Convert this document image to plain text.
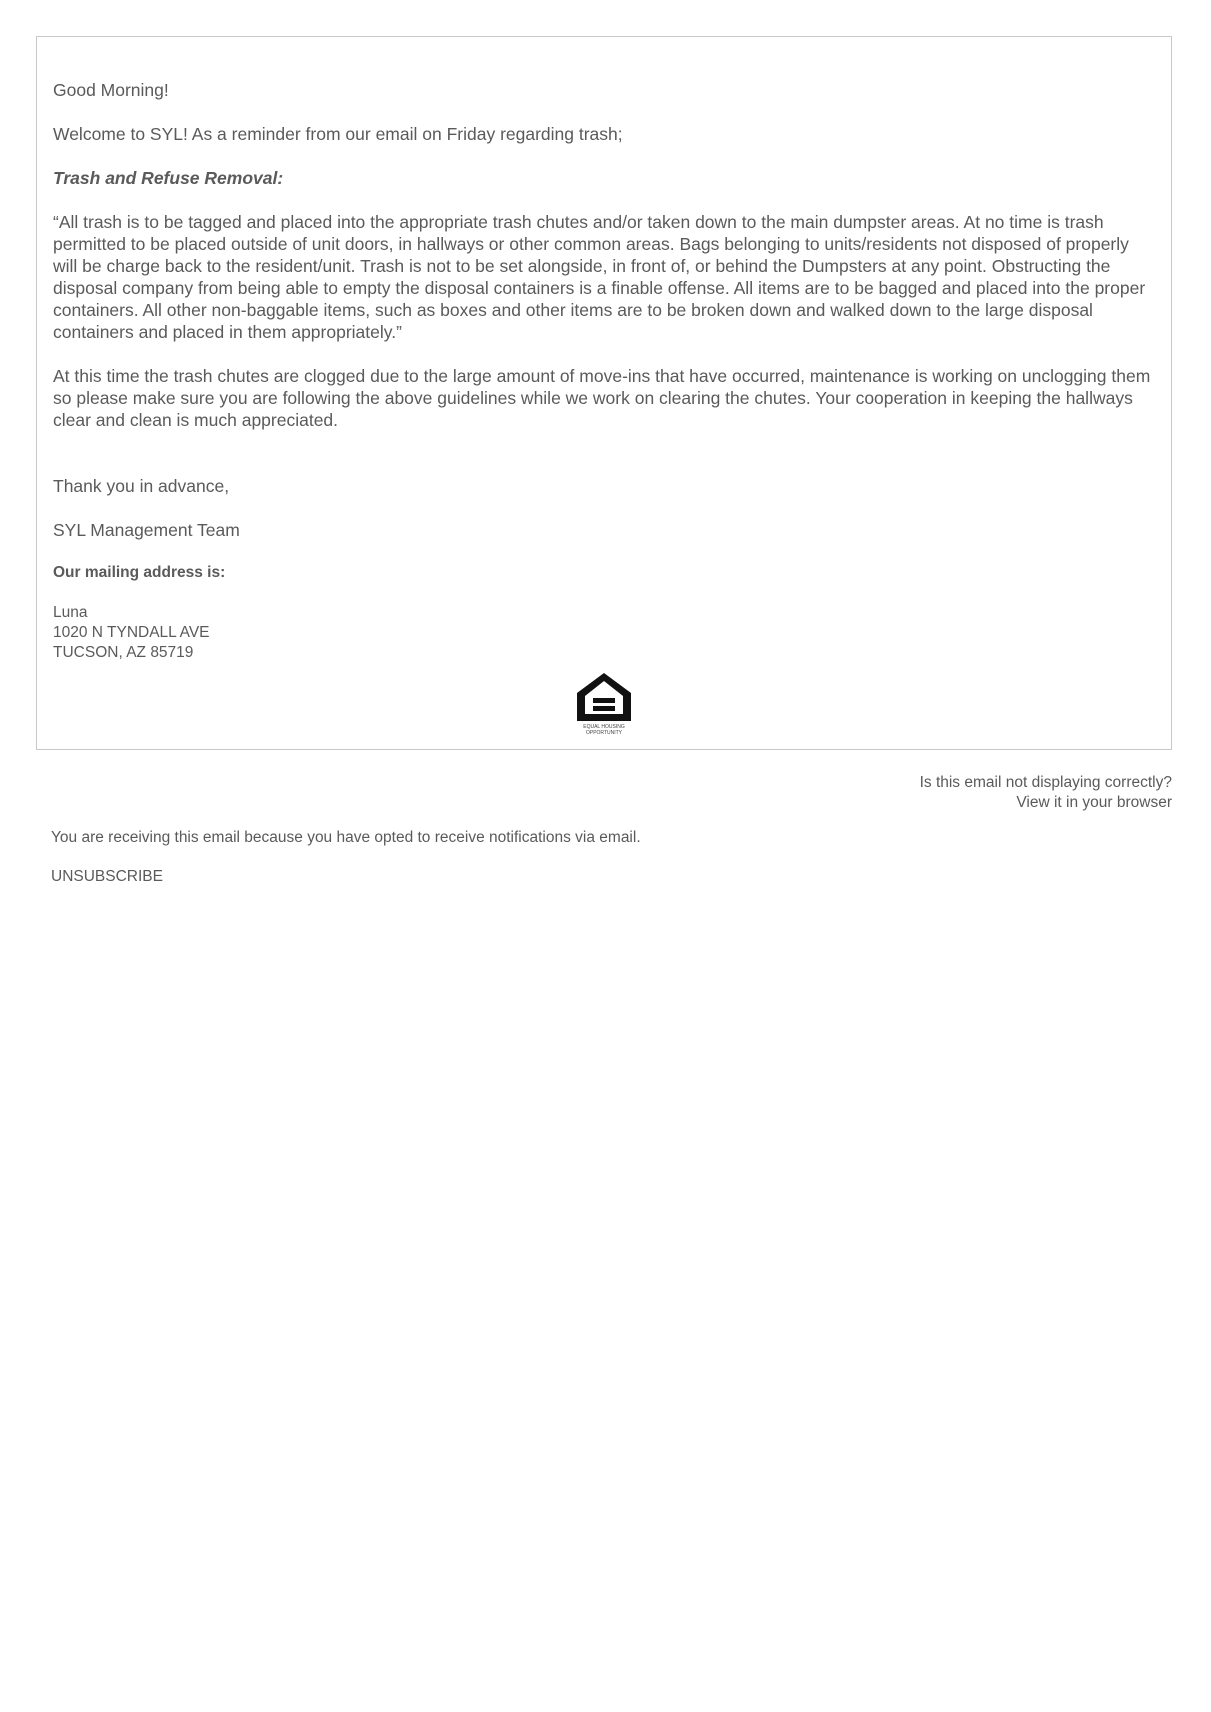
Good Morning!

Welcome to SYL! As a reminder from our email on Friday regarding trash;

Trash and Refuse Removal:

“All trash is to be tagged and placed into the appropriate trash chutes and/or taken down to the main dumpster areas. At no time is trash permitted to be placed outside of unit doors, in hallways or other common areas. Bags belonging to units/residents not disposed of properly will be charge back to the resident/unit. Trash is not to be set alongside, in front of, or behind the Dumpsters at any point. Obstructing the disposal company from being able to empty the disposal containers is a finable offense. All items are to be bagged and placed into the proper containers. All other non-baggable items, such as boxes and other items are to be broken down and walked down to the large disposal containers and placed in them appropriately.”

At this time the trash chutes are clogged due to the large amount of move-ins that have occurred, maintenance is working on unclogging them so please make sure you are following the above guidelines while we work on clearing the chutes. Your cooperation in keeping the hallways clear and clean is much appreciated.

Thank you in advance,

SYL Management Team

Our mailing address is:

Luna

1020 N TYNDALL AVE

TUCSON, AZ 85719

EQUAL HOUSING
OPPORTUNITY
Is this email not displaying correctly?
View it in your browser
You are receiving this email because you have opted to receive notifications via email.
UNSUBSCRIBE
